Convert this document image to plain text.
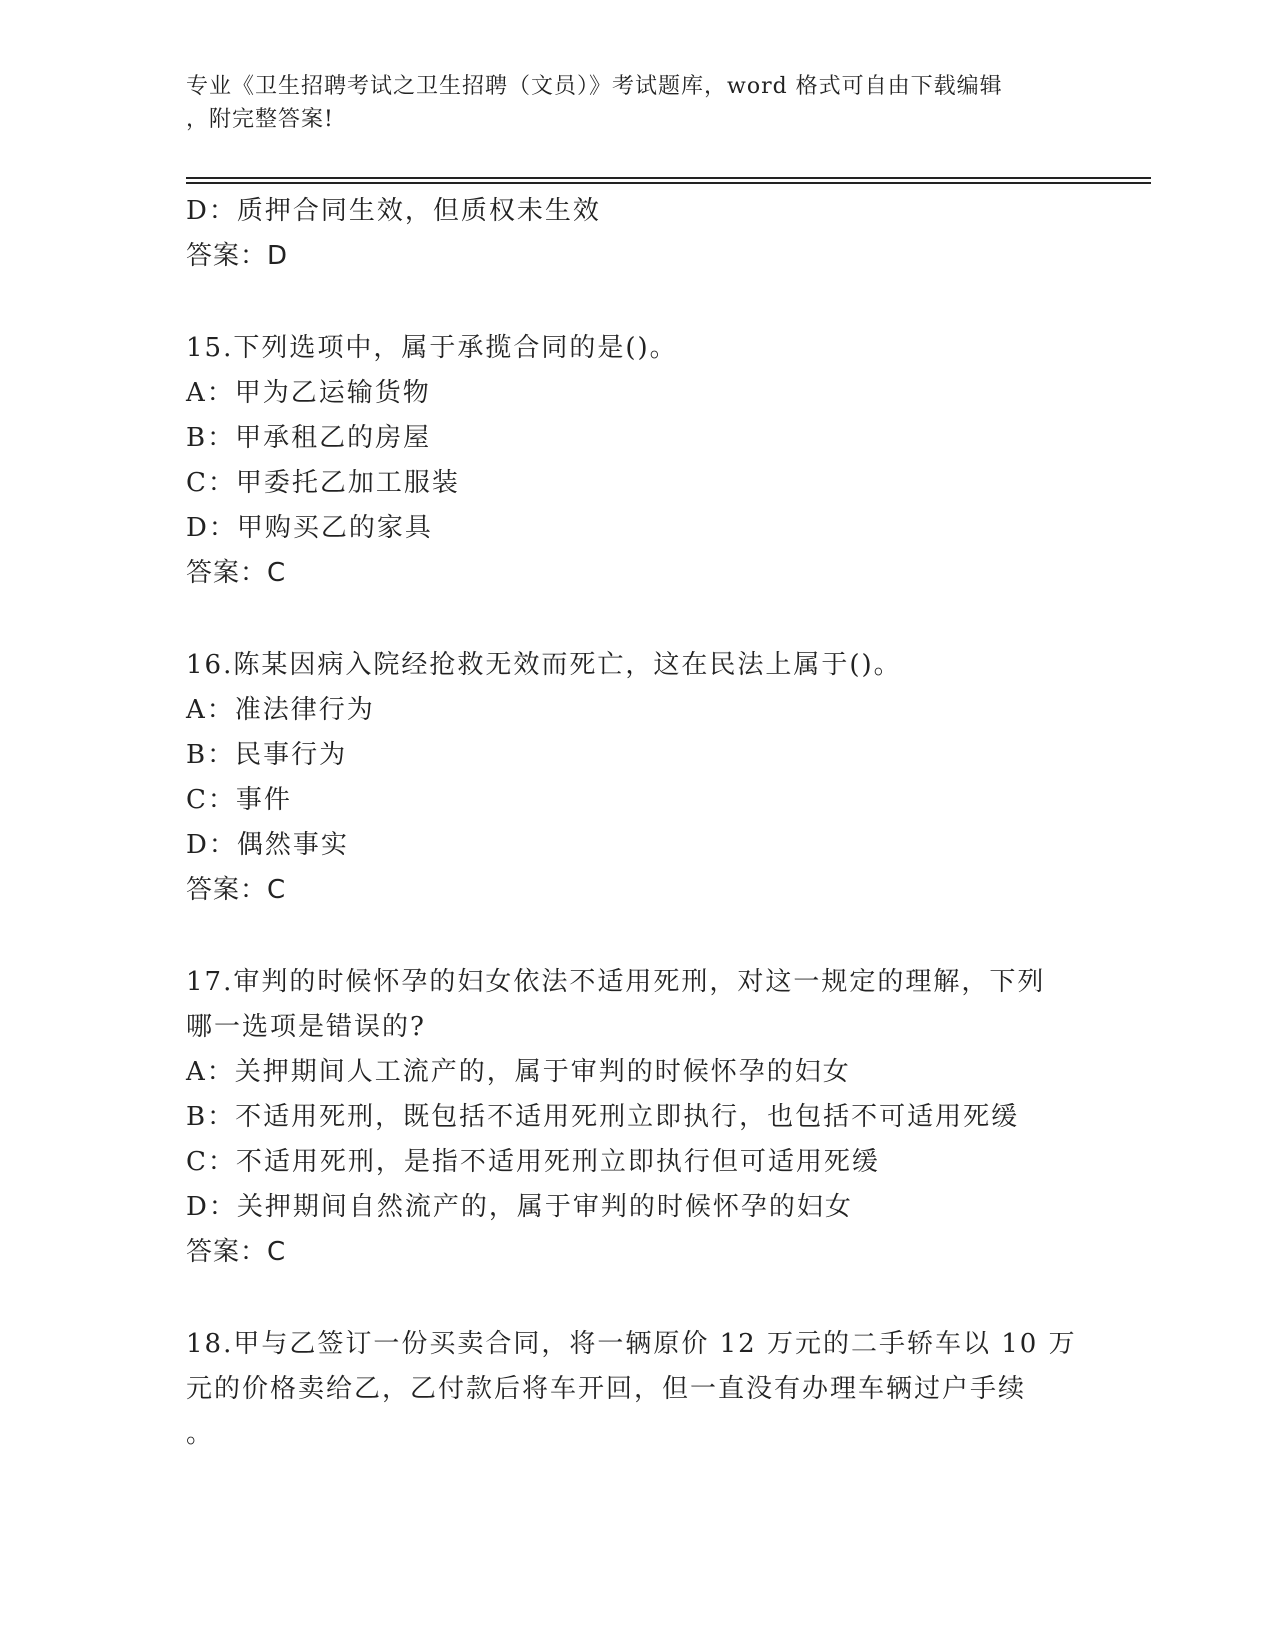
专业《卫生招聘考试之卫生招聘（文员）》考试题库，word 格式可自由下载编辑
，附完整答案!
D：质押合同生效，但质权未生效
答案：D
15.下列选项中，属于承揽合同的是()。
A：甲为乙运输货物
B：甲承租乙的房屋
C：甲委托乙加工服装
D：甲购买乙的家具
答案：C
16.陈某因病入院经抢救无效而死亡，这在民法上属于()。
A：准法律行为
B：民事行为
C：事件
D：偶然事实
答案：C
17.审判的时候怀孕的妇女依法不适用死刑，对这一规定的理解，下列
哪一选项是错误的?
A：关押期间人工流产的，属于审判的时候怀孕的妇女
B：不适用死刑，既包括不适用死刑立即执行，也包括不可适用死缓
C：不适用死刑，是指不适用死刑立即执行但可适用死缓
D：关押期间自然流产的，属于审判的时候怀孕的妇女
答案：C
18.甲与乙签订一份买卖合同，将一辆原价 12 万元的二手轿车以 10 万
元的价格卖给乙，乙付款后将车开回，但一直没有办理车辆过户手续
。
